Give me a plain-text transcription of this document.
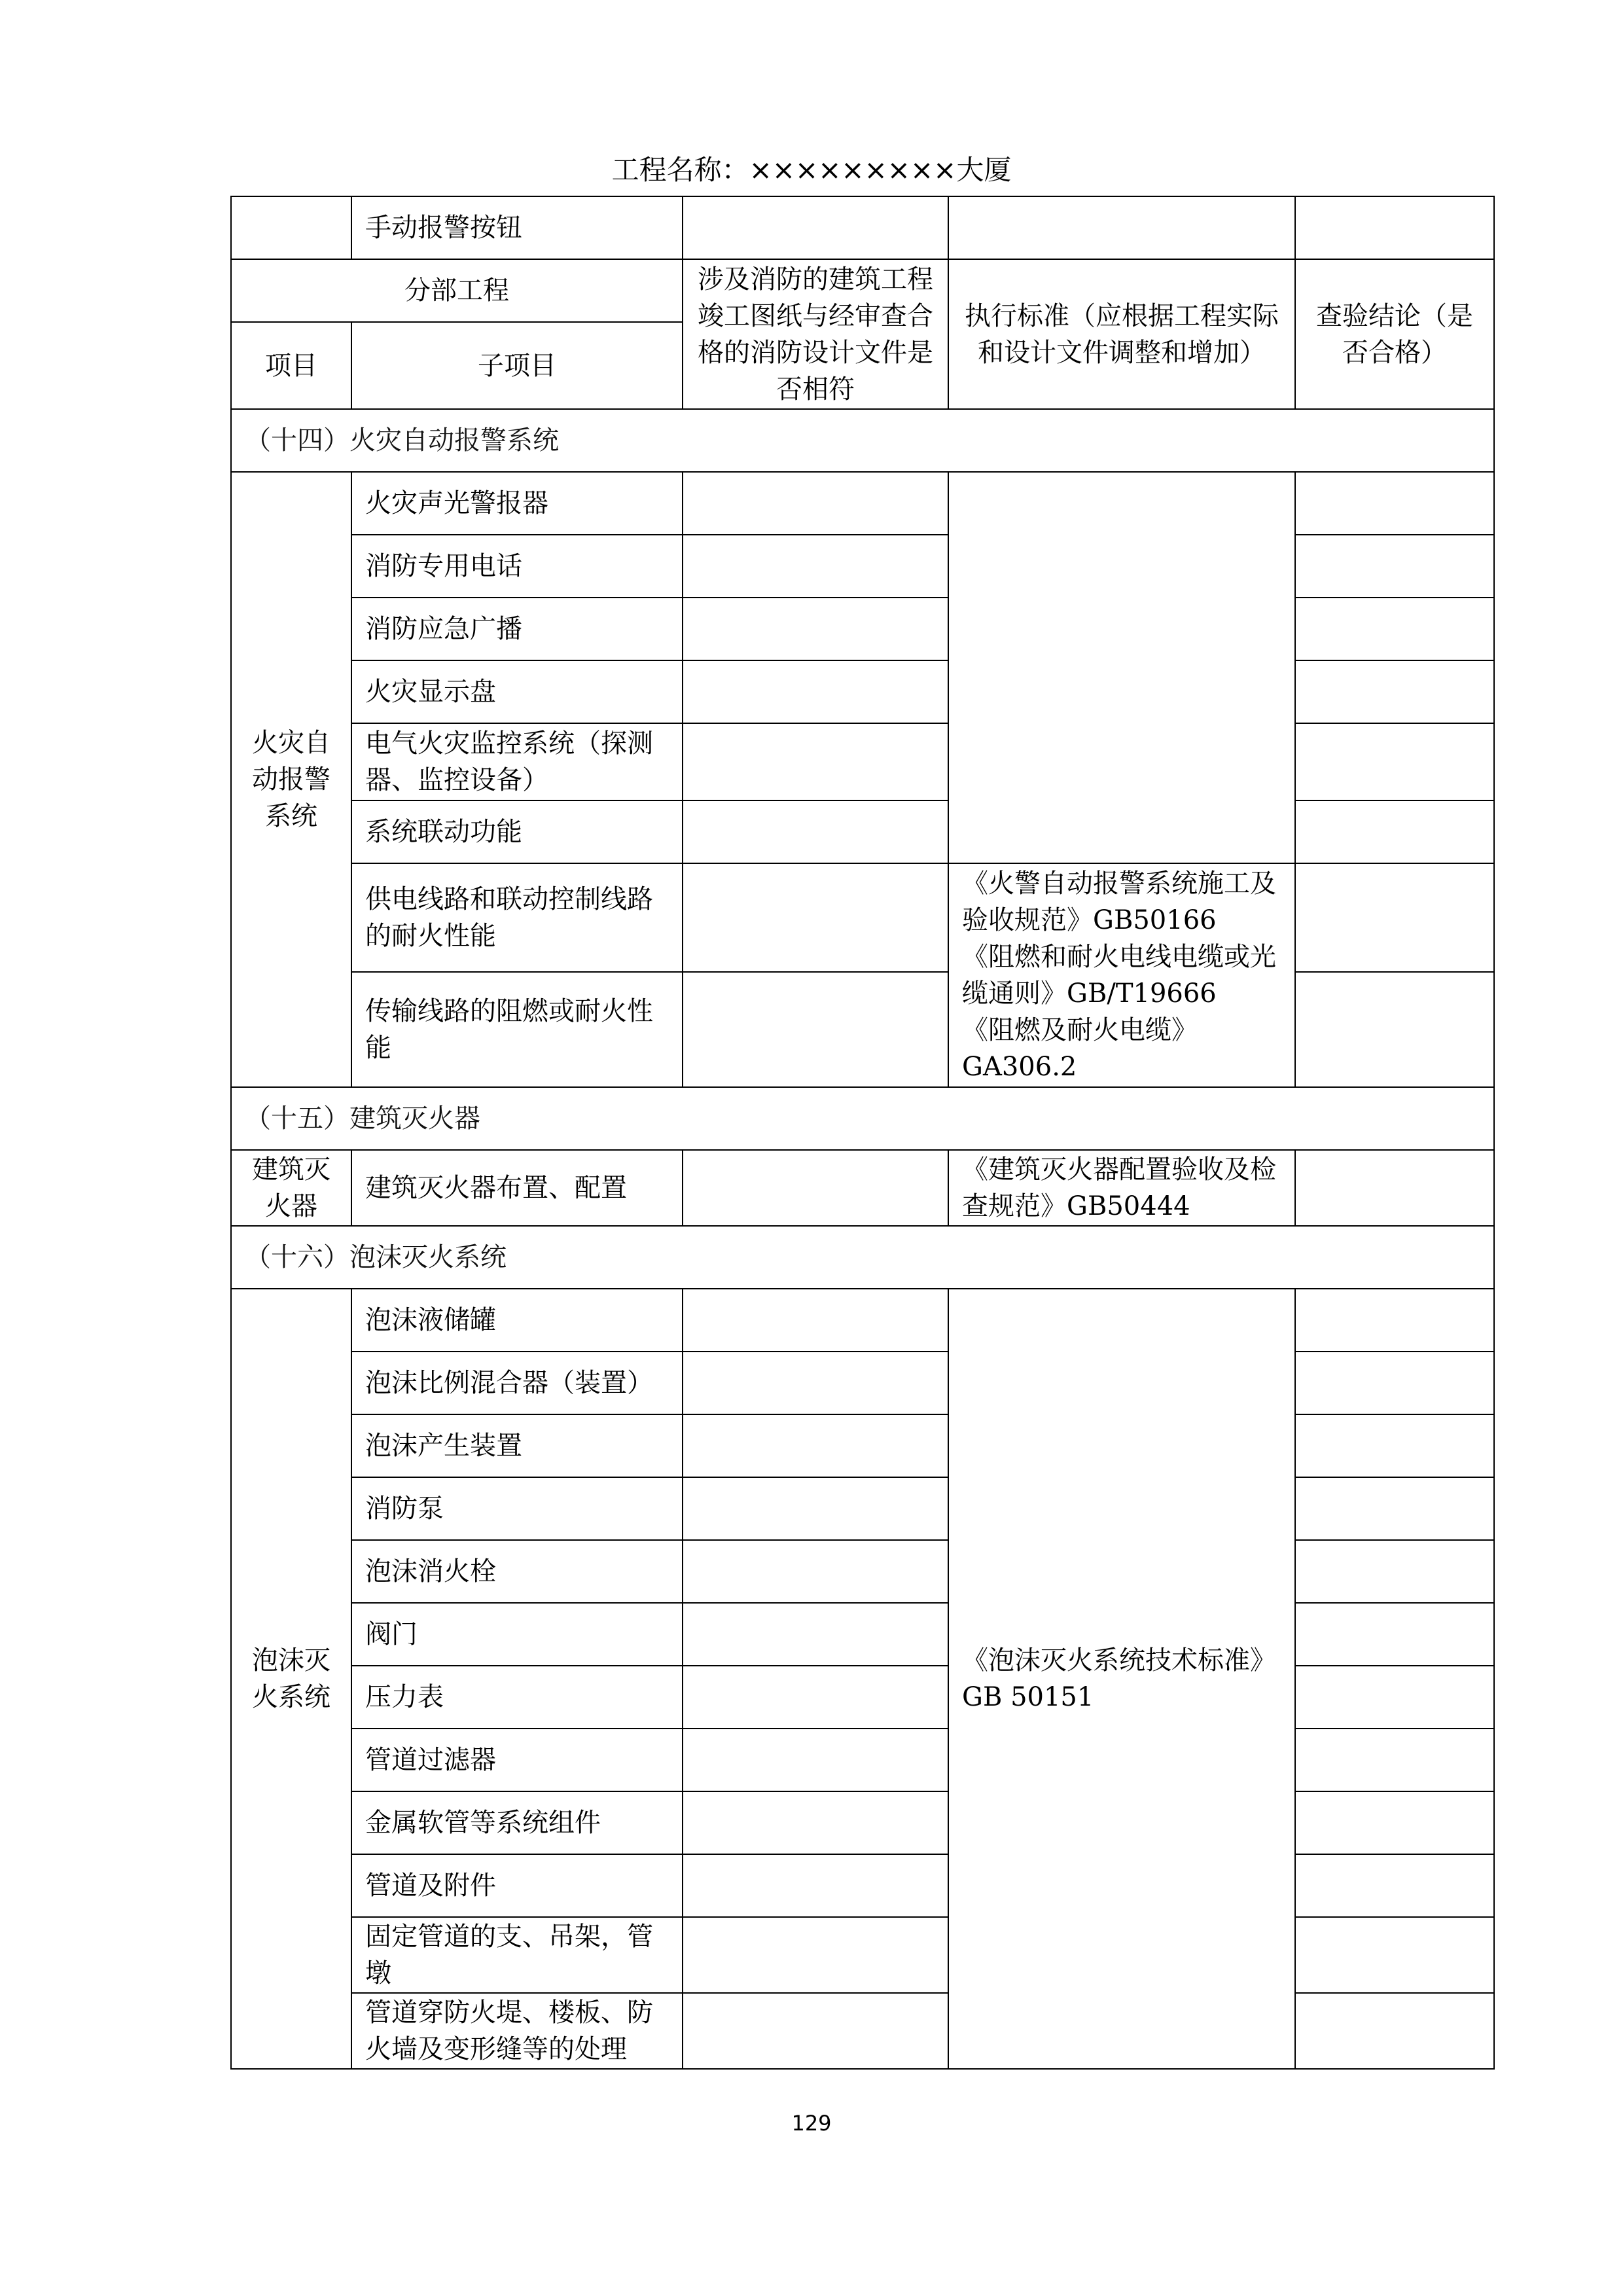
工程名称：×××××××××大厦
	手动报警按钮			
分部工程		涉及消防的建筑工程竣工图纸与经审查合格的消防设计文件是否相符	执行标准（应根据工程实际和设计文件调整和增加）	查验结论（是否合格）
项目	子项目			
（十四）火灾自动报警系统				
火灾自动报警系统	火灾声光警报器			
	消防专用电话			
	消防应急广播			
	火灾显示盘			
	电气火灾监控系统（探测器、监控设备）			
	系统联动功能			
	供电线路和联动控制线路的耐火性能		《火警自动报警系统施工及验收规范》GB50166
《阻燃和耐火电线电缆或光缆通则》GB/T19666
《阻燃及耐火电缆》GA306.2	

	传输线路的阻燃或耐火性能			
（十五）建筑灭火器				
建筑灭火器	建筑灭火器布置、配置		《建筑灭火器配置验收及检查规范》GB50444	
（十六）泡沫灭火系统				
泡沫灭火系统	泡沫液储罐		《泡沫灭火系统技术标准》GB 50151	
	泡沫比例混合器（装置）			
	泡沫产生装置			
	消防泵			
	泡沫消火栓			
	阀门			
	压力表			
	管道过滤器			
	金属软管等系统组件			
	管道及附件			
	固定管道的支、吊架，管墩			
	管道穿防火堤、楼板、防火墙及变形缝等的处理			
129
